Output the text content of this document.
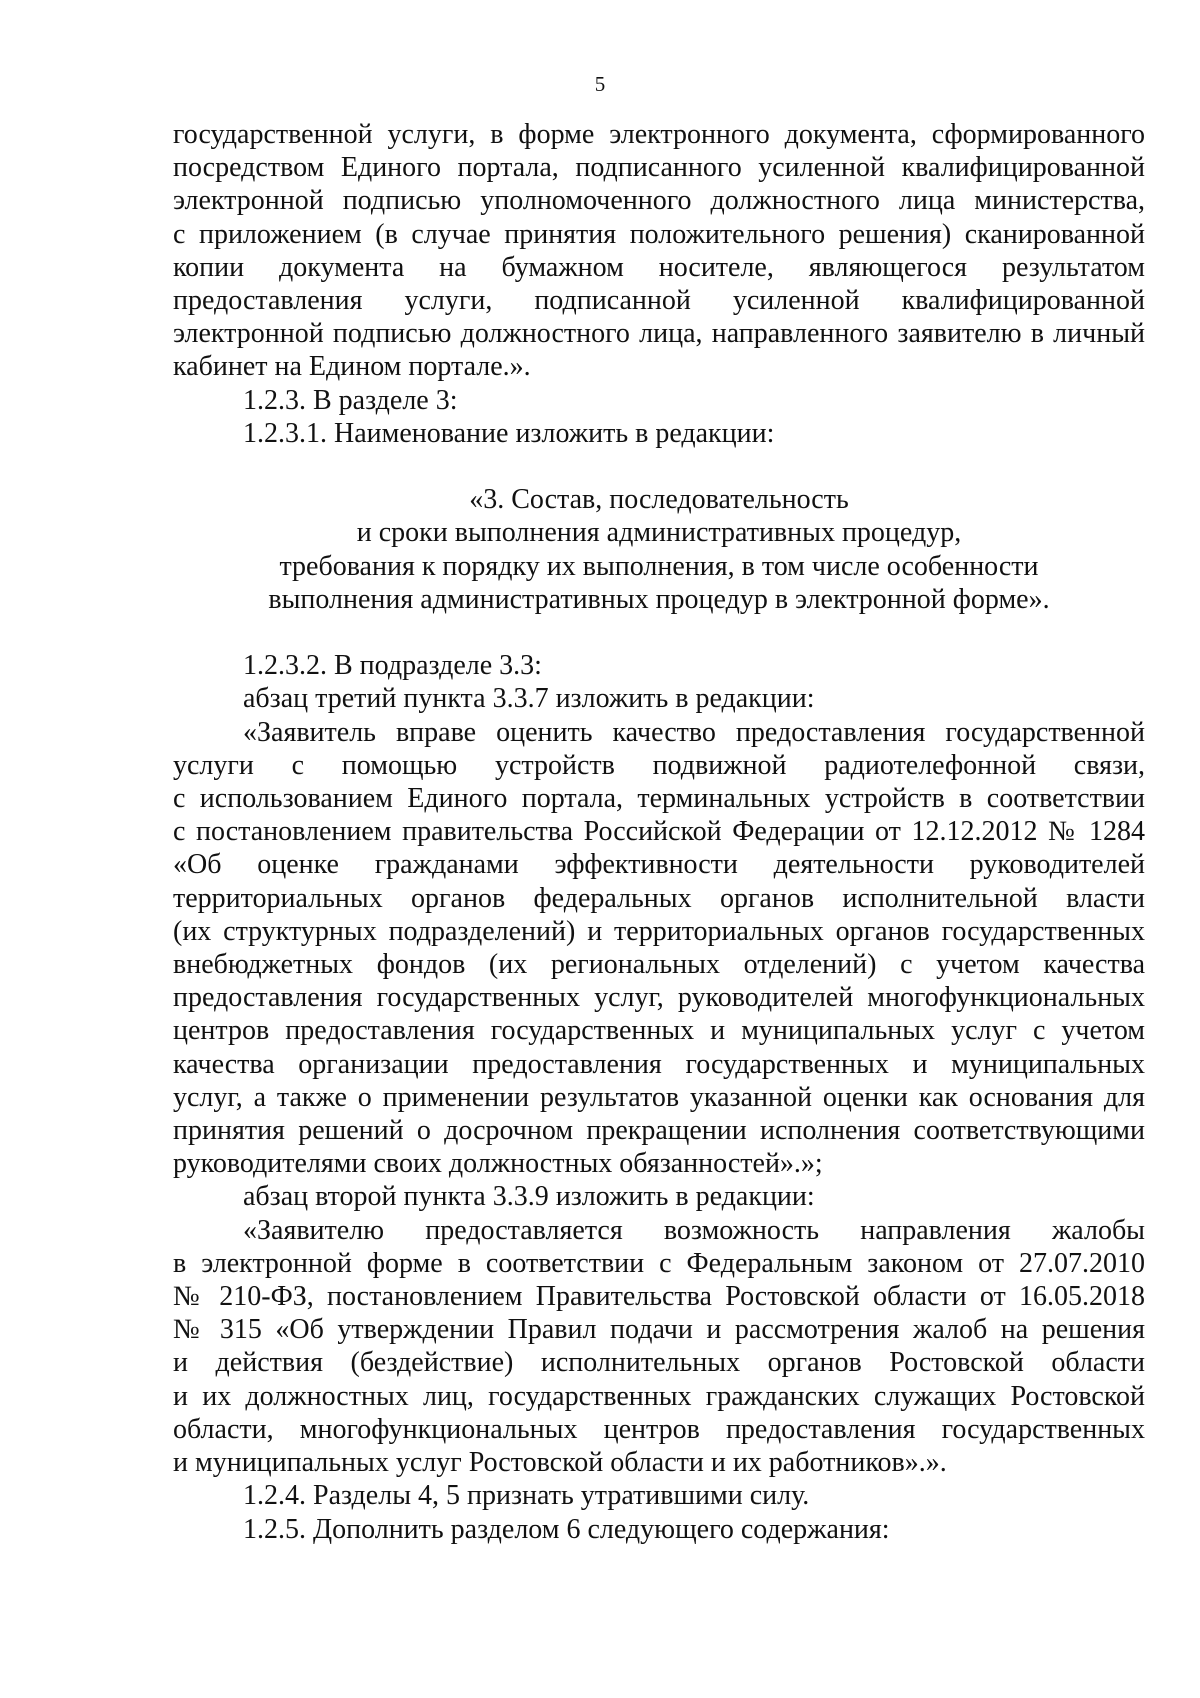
5

государственной услуги, в форме электронного документа, сформированного
посредством Единого портала, подписанного усиленной квалифицированной
электронной подписью уполномоченного должностного лица министерства,
с приложением (в случае принятия положительного решения) сканированной
копии документа на бумажном носителе, являющегося результатом
предоставления услуги, подписанной усиленной квалифицированной
электронной подписью должностного лица, направленного заявителю в личный
кабинет на Едином портале.».

1.2.3. В разделе 3:

1.2.3.1. Наименование изложить в редакции:

«3. Состав, последовательность
и сроки выполнения административных процедур,
требования к порядку их выполнения, в том числе особенности
выполнения административных процедур в электронной форме».

1.2.3.2. В подразделе 3.3:

абзац третий пункта 3.3.7 изложить в редакции:

«Заявитель вправе оценить качество предоставления государственной
услуги с помощью устройств подвижной радиотелефонной связи,
с использованием Единого портала, терминальных устройств в соответствии
с постановлением правительства Российской Федерации от 12.12.2012 № 1284
«Об оценке гражданами эффективности деятельности руководителей
территориальных органов федеральных органов исполнительной власти
(их структурных подразделений) и территориальных органов государственных
внебюджетных фондов (их региональных отделений) с учетом качества
предоставления государственных услуг, руководителей многофункциональных
центров предоставления государственных и муниципальных услуг с учетом
качества организации предоставления государственных и муниципальных
услуг, а также о применении результатов указанной оценки как основания для
принятия решений о досрочном прекращении исполнения соответствующими
руководителями своих должностных обязанностей».»;

абзац второй пункта 3.3.9 изложить в редакции:

«Заявителю предоставляется возможность направления жалобы
в электронной форме в соответствии с Федеральным законом от 27.07.2010
№ 210-ФЗ, постановлением Правительства Ростовской области от 16.05.2018
№ 315 «Об утверждении Правил подачи и рассмотрения жалоб на решения
и действия (бездействие) исполнительных органов Ростовской области
и их должностных лиц, государственных гражданских служащих Ростовской
области, многофункциональных центров предоставления государственных
и муниципальных услуг Ростовской области и их работников».».

1.2.4. Разделы 4, 5 признать утратившими силу.

1.2.5. Дополнить разделом 6 следующего содержания:
